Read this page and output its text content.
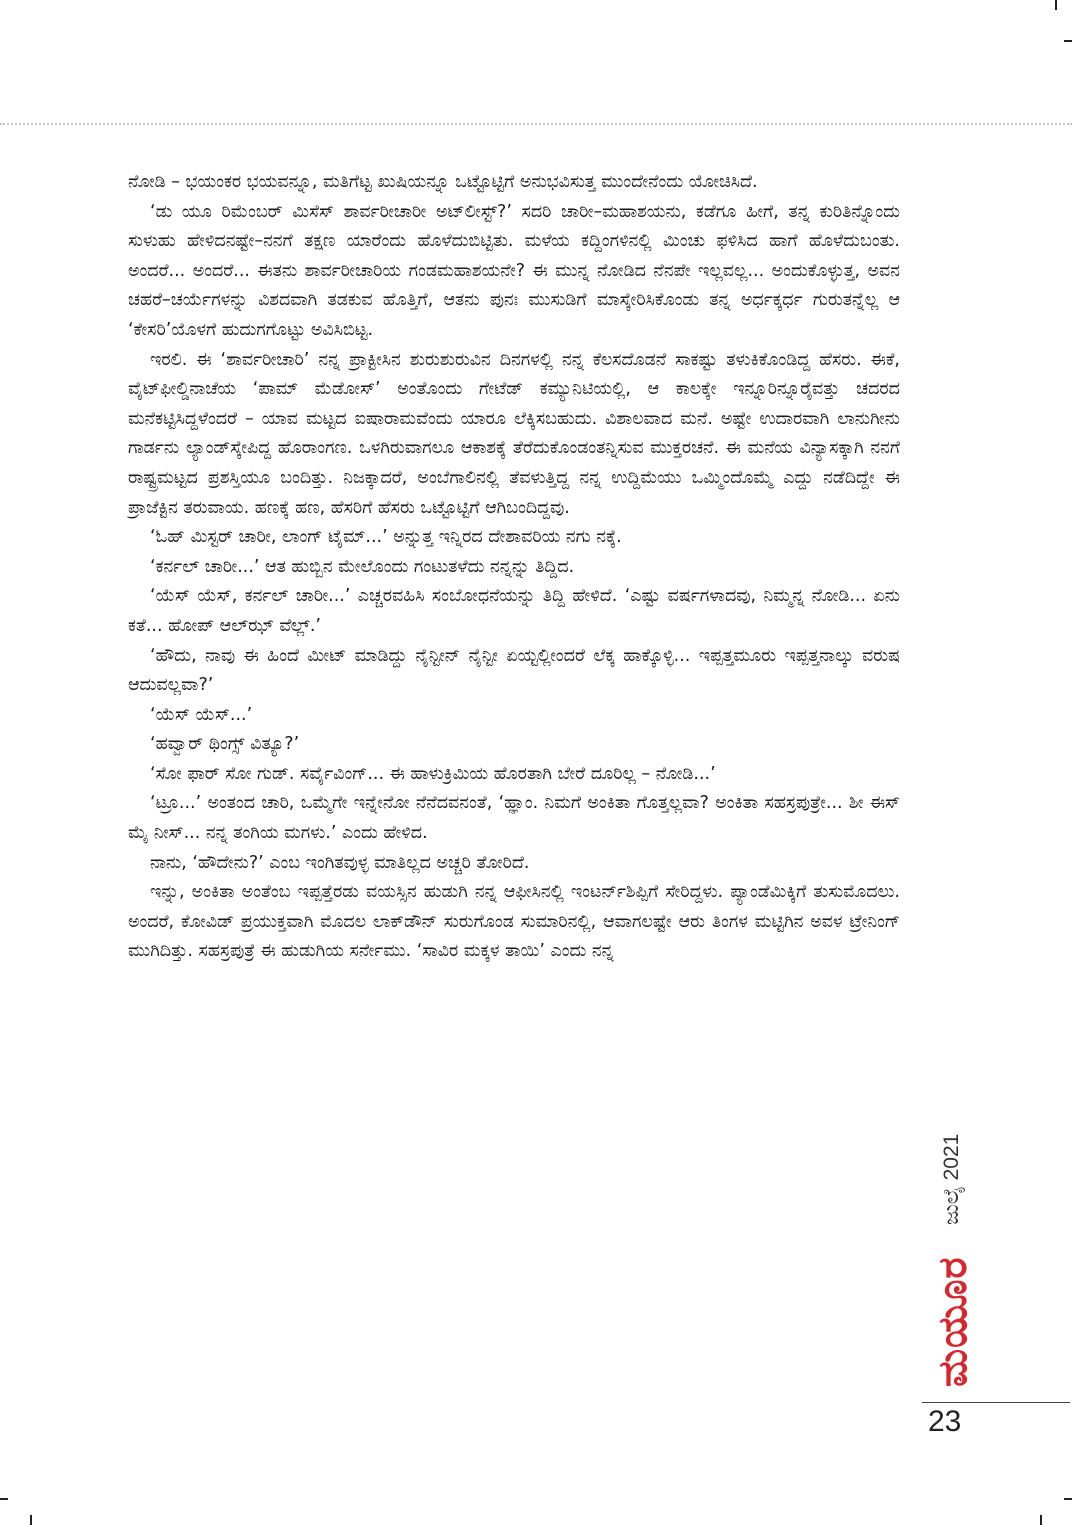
ನೋಡಿ – ಭಯಂಕರ ಭಯವನ್ನೂ, ಮತಿಗೆಟ್ಟ ಖುಷಿಯನ್ನೂ ಒಟ್ಟೊಟ್ಟಿಗೆ ಅನುಭವಿಸುತ್ತ ಮುಂದೇನೆಂದು ಯೋಚಿಸಿದೆ.

‘ಡು ಯೂ ರಿಮೆಂಬರ್ ಮಿಸೆಸ್ ಶಾರ್ವರೀಚಾರೀ ಅಟ್‌ಲೀಸ್ಟ್?’ ಸದರಿ ಚಾರೀ–ಮಹಾಶಯನು, ಕಡೆಗೂ ಹೀಗೆ, ತನ್ನ ಕುರಿತಿನ್ನೊಂದು ಸುಳುಹು ಹೇಳಿದನಷ್ಟೇ–ನನಗೆ ತಕ್ಷಣ ಯಾರೆಂದು ಹೊಳೆದುಬಿಟ್ಟಿತು. ಮಳೆಯ ಕದ್ದಿಂಗಳಿನಲ್ಲಿ ಮಿಂಚು ಫಳಿಸಿದ ಹಾಗೆ ಹೊಳೆದುಬಂತು. ಅಂದರೆ... ಅಂದರೆ... ಈತನು ಶಾರ್ವರೀಚಾರಿಯ ಗಂಡಮಹಾಶಯನೇ? ಈ ಮುನ್ನ ನೋಡಿದ ನೆನಪೇ ಇಲ್ಲವಲ್ಲ... ಅಂದುಕೊಳ್ಳುತ್ತ, ಅವನ ಚಹರೆ–ಚರ್ಯೆಗಳನ್ನು ವಿಶದವಾಗಿ ತಡಕುವ ಹೊತ್ತಿಗೆ, ಆತನು ಪುನಃ ಮುಸುಡಿಗೆ ಮಾಸ್ಕೇರಿಸಿಕೊಂಡು ತನ್ನ ಅರ್ಧಕ್ಕರ್ಧ ಗುರುತನ್ನೆಲ್ಲ ಆ ‘ಕೇಸರಿ’ಯೊಳಗೆ ಹುದುಗಗೊಟ್ಟು ಅವಿಸಿಬಿಟ್ಟ.

ಇರಲಿ. ಈ ‘ಶಾರ್ವರೀಚಾರಿ’ ನನ್ನ ಪ್ರಾಕ್ಟೀಸಿನ ಶುರುಶುರುವಿನ ದಿನಗಳಲ್ಲಿ ನನ್ನ ಕೆಲಸದೊಡನೆ ಸಾಕಷ್ಟು ತಳುಕಿಕೊಂಡಿದ್ದ ಹೆಸರು. ಈಕೆ, ವೈಟ್‌ಫೀಲ್ಡಿನಾಚೆಯ ‘ಪಾಮ್ ಮೆಡೋಸ್’ ಅಂತೊಂದು ಗೇಟೆಡ್ ಕಮ್ಯುನಿಟಿಯಲ್ಲಿ, ಆ ಕಾಲಕ್ಕೇ ಇನ್ನೂರಿನ್ನೂರೈವತ್ತು ಚದರದ ಮನೆಕಟ್ಟಿಸಿದ್ದಳೆಂದರೆ – ಯಾವ ಮಟ್ಟದ ಐಷಾರಾಮವೆಂದು ಯಾರೂ ಲೆಕ್ಕಿಸಬಹುದು. ವಿಶಾಲವಾದ ಮನೆ. ಅಷ್ಟೇ ಉದಾರವಾಗಿ ಲಾನುಗೀನು ಗಾರ್ಡನು ಲ್ಯಾಂಡ್‌ಸ್ಕೇಪಿದ್ದ ಹೊರಾಂಗಣ. ಒಳಗಿರುವಾಗಲೂ ಆಕಾಶಕ್ಕೆ ತೆರೆದುಕೊಂಡಂತನ್ನಿಸುವ ಮುಕ್ತರಚನೆ. ಈ ಮನೆಯ ವಿನ್ಯಾಸಕ್ಕಾಗಿ ನನಗೆ ರಾಷ್ಟ್ರಮಟ್ಟದ ಪ್ರಶಸ್ತಿಯೂ ಬಂದಿತ್ತು. ನಿಜಕ್ಕಾದರೆ, ಅಂಬೆಗಾಲಿನಲ್ಲಿ ತೆವಳುತ್ತಿದ್ದ ನನ್ನ ಉದ್ದಿಮೆಯು ಒಮ್ಮಿಂದೊಮ್ಮೆ ಎದ್ದು ನಡೆದಿದ್ದೇ ಈ ಪ್ರಾಜೆಕ್ಟಿನ ತರುವಾಯ. ಹಣಕ್ಕೆ ಹಣ, ಹೆಸರಿಗೆ ಹೆಸರು ಒಟ್ಟೊಟ್ಟಿಗೆ ಆಗಿಬಂದಿದ್ದವು.

‘ಓಹ್ ಮಿಸ್ಟರ್ ಚಾರೀ, ಲಾಂಗ್ ಟೈಮ್...’ ಅನ್ನುತ್ತ ಇನ್ನಿರದ ದೇಶಾವರಿಯ ನಗು ನಕ್ಕೆ.

‘ಕರ್ನಲ್ ಚಾರೀ...’ ಆತ ಹುಬ್ಬಿನ ಮೇಲೊಂದು ಗಂಟುತಳೆದು ನನ್ನನ್ನು ತಿದ್ದಿದ.

‘ಯೆಸ್ ಯೆಸ್, ಕರ್ನಲ್ ಚಾರೀ...’ ಎಚ್ಚರವಹಿಸಿ ಸಂಬೋಧನೆಯನ್ನು ತಿದ್ದಿ ಹೇಳಿದೆ. ‘ಎಷ್ಟು ವರ್ಷಗಳಾದವು, ನಿಮ್ಮನ್ನ ನೋಡಿ... ಏನು ಕತೆ... ಹೋಪ್ ಆಲ್‌ಝ್ ವೆಲ್ಲ್.’

‘ಹೌದು, ನಾವು ಈ ಹಿಂದೆ ಮೀಟ್ ಮಾಡಿದ್ದು ನೈನ್ಟೀನ್ ನೈನ್ಟೀ ಏಯ್ಟಲ್ಲೀಂದರೆ ಲೆಕ್ಕ ಹಾಕ್ಕೊಳ್ಳಿ... ಇಪ್ಪತ್ತಮೂರು ಇಪ್ಪತ್ತನಾಲ್ಕು ವರುಷ ಆದುವಲ್ಲವಾ?’

‘ಯೆಸ್ ಯೆಸ್...’

‘ಹವ್ವಾರ್ ಥಿಂಗ್ಸ್ ವಿತ್ಯೂ?’

‘ಸೋ ಫಾರ್ ಸೋ ಗುಡ್. ಸರ್ವೈವಿಂಗ್... ಈ ಹಾಳುಕ್ರಿಮಿಯ ಹೊರತಾಗಿ ಬೇರೆ ದೂರಿಲ್ಲ – ನೋಡಿ...’

‘ಟ್ರೂ...’ ಅಂತಂದ ಚಾರಿ, ಒಮ್ಮೆಗೇ ಇನ್ನೇನೋ ನೆನೆದವನಂತೆ, ‘ಹ್ಞಾಂ. ನಿಮಗೆ ಅಂಕಿತಾ ಗೊತ್ತಲ್ಲವಾ? ಅಂಕಿತಾ ಸಹಸ್ರಪುತ್ರೇ... ಶೀ ಈಸ್ ಮೈ ನೀಸ್... ನನ್ನ ತಂಗಿಯ ಮಗಳು.’ ಎಂದು ಹೇಳಿದ.

ನಾನು, ‘ಹೌದೇನು?’ ಎಂಬ ಇಂಗಿತವುಳ್ಳ ಮಾತಿಲ್ಲದ ಅಚ್ಚರಿ ತೋರಿದೆ.

ಇನ್ನು, ಅಂಕಿತಾ ಅಂತೆಂಬ ಇಪ್ಪತ್ತೆರಡು ವಯಸ್ಸಿನ ಹುಡುಗಿ ನನ್ನ ಆಫೀಸಿನಲ್ಲಿ ಇಂಟರ್ನ್‌ಶಿಪ್ಪಿಗೆ ಸೇರಿದ್ದಳು. ಪ್ಯಾಂಡೆಮಿಕ್ಕಿಗೆ ತುಸುಮೊದಲು. ಅಂದರೆ, ಕೋವಿಡ್ ಪ್ರಯುಕ್ತವಾಗಿ ಮೊದಲ ಲಾಕ್‌ಡೌನ್ ಸುರುಗೊಂಡ ಸುಮಾರಿನಲ್ಲಿ, ಆವಾಗಲಷ್ಟೇ ಆರು ತಿಂಗಳ ಮಟ್ಟಿಗಿನ ಅವಳ ಟ್ರೇನಿಂಗ್ ಮುಗಿದಿತ್ತು. ಸಹಸ್ರಪುತ್ರೆ ಈ ಹುಡುಗಿಯ ಸರ್ನೇಮು. ‘ಸಾವಿರ ಮಕ್ಕಳ ತಾಯಿ’ ಎಂದು ನನ್ನ

ಜುಲೈ 2021
ಮಯೂರ
23
